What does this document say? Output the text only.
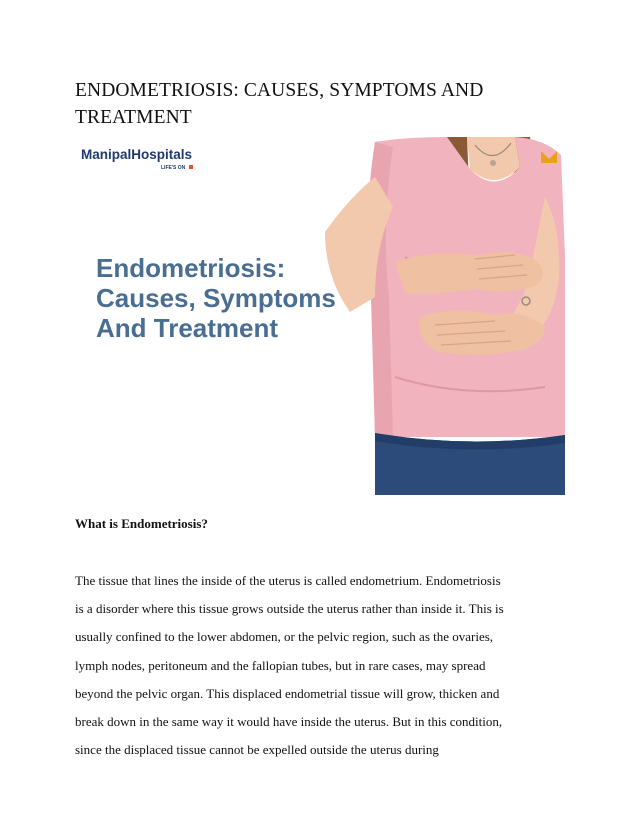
ENDOMETRIOSIS: CAUSES, SYMPTOMS AND TREATMENT
ManipalHospitals
LIFE'S ON
Endometriosis:
Causes, Symptoms
And Treatment
What is Endometriosis?

The tissue that lines the inside of the uterus is called endometrium. Endometriosis
is a disorder where this tissue grows outside the uterus rather than inside it. This is
usually confined to the lower abdomen, or the pelvic region, such as the ovaries,
lymph nodes, peritoneum and the fallopian tubes, but in rare cases, may spread
beyond the pelvic organ. This displaced endometrial tissue will grow, thicken and
break down in the same way it would have inside the uterus. But in this condition,
since the displaced tissue cannot be expelled outside the uterus during
